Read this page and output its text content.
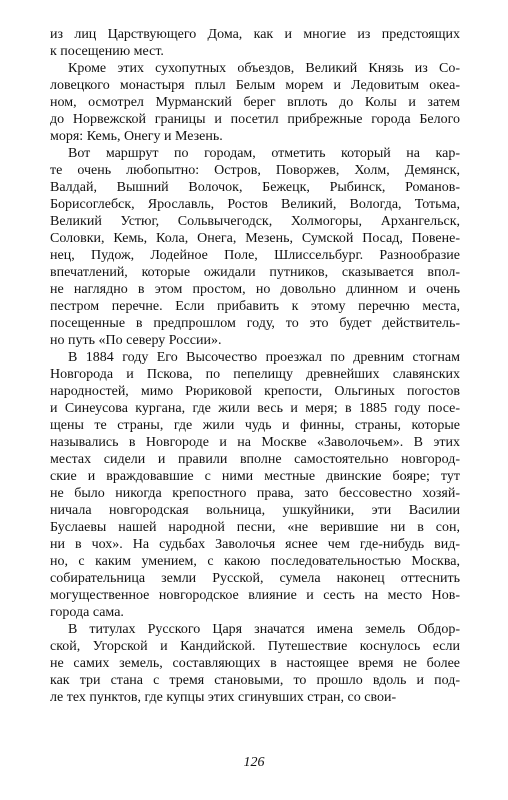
из лиц Царствующего Дома, как и многие из предстоящих
к посещению мест.
Кроме этих сухопутных объездов, Великий Князь из Со-
ловецкого монастыря плыл Белым морем и Ледовитым океа-
ном, осмотрел Мурманский берег вплоть до Колы и затем
до Норвежской границы и посетил прибрежные города Белого
моря: Кемь, Онегу и Мезень.
Вот маршрут по городам, отметить который на кар-
те очень любопытно: Остров, Поворжев, Холм, Демянск,
Валдай, Вышний Волочок, Бежецк, Рыбинск, Романов-
Борисоглебск, Ярославль, Ростов Великий, Вологда, Тотьма,
Великий Устюг, Сольвычегодск, Холмогоры, Архангельск,
Соловки, Кемь, Кола, Онега, Мезень, Сумской Посад, Повене-
нец, Пудож, Лодейное Поле, Шлиссельбург. Разнообразие
впечатлений, которые ожидали путников, сказывается впол-
не наглядно в этом простом, но довольно длинном и очень
пестром перечне. Если прибавить к этому перечню места,
посещенные в предпрошлом году, то это будет действитель-
но путь «По северу России».
В 1884 году Его Высочество проезжал по древним стогнам
Новгорода и Пскова, по пепелищу древнейших славянских
народностей, мимо Рюриковой крепости, Ольгиных погостов
и Синеусова кургана, где жили весь и меря; в 1885 году посе-
щены те страны, где жили чудь и финны, страны, которые
назывались в Новгороде и на Москве «Заволочьем». В этих
местах сидели и правили вполне самостоятельно новгород-
ские и враждовавшие с ними местные двинские бояре; тут
не было никогда крепостного права, зато бессовестно хозяй-
ничала новгородская вольница, ушкуйники, эти Василии
Буслаевы нашей народной песни, «не верившие ни в сон,
ни в чох». На судьбах Заволочья яснее чем где-нибудь вид-
но, с каким умением, с какою последовательностью Москва,
собирательница земли Русской, сумела наконец оттеснить
могущественное новгородское влияние и сесть на место Нов-
города сама.
В титулах Русского Царя значатся имена земель Обдор-
ской, Угорской и Кандийской. Путешествие коснулось если
не самих земель, составляющих в настоящее время не более
как три стана с тремя становыми, то прошло вдоль и под-
ле тех пунктов, где купцы этих сгинувших стран, со свои-
126
